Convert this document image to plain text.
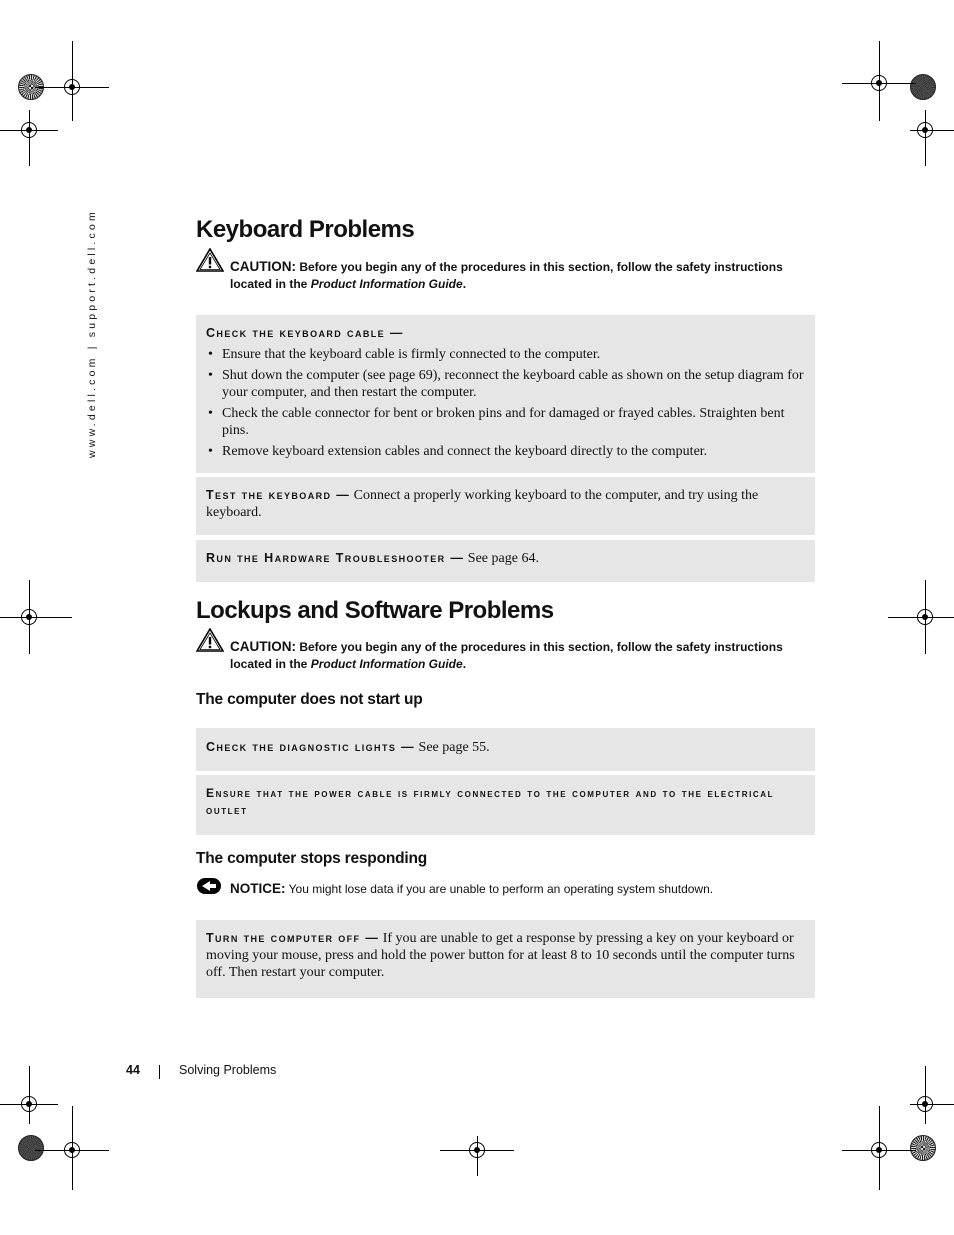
www.dell.com | support.dell.com	Keyboard Problems
CAUTION: Before you begin any of the procedures in this section, follow the safety instructions located in the Product Information Guide.
Check the keyboard cable —
• Ensure that the keyboard cable is firmly connected to the computer.
• Shut down the computer (see page 69), reconnect the keyboard cable as shown on the setup diagram for your computer, and then restart the computer.
• Check the cable connector for bent or broken pins and for damaged or frayed cables. Straighten bent pins.
• Remove keyboard extension cables and connect the keyboard directly to the computer.
Test the keyboard — Connect a properly working keyboard to the computer, and try using the keyboard.
Run the Hardware Troubleshooter — See page 64.
Lockups and Software Problems
CAUTION: Before you begin any of the procedures in this section, follow the safety instructions located in the Product Information Guide.
The computer does not start up
Check the diagnostic lights — See page 55.
Ensure that the power cable is firmly connected to the computer and to the electrical outlet
The computer stops responding
NOTICE: You might lose data if you are unable to perform an operating system shutdown.
Turn the computer off — If you are unable to get a response by pressing a key on your keyboard or moving your mouse, press and hold the power button for at least 8 to 10 seconds until the computer turns off. Then restart your computer.
44	Solving Problems
